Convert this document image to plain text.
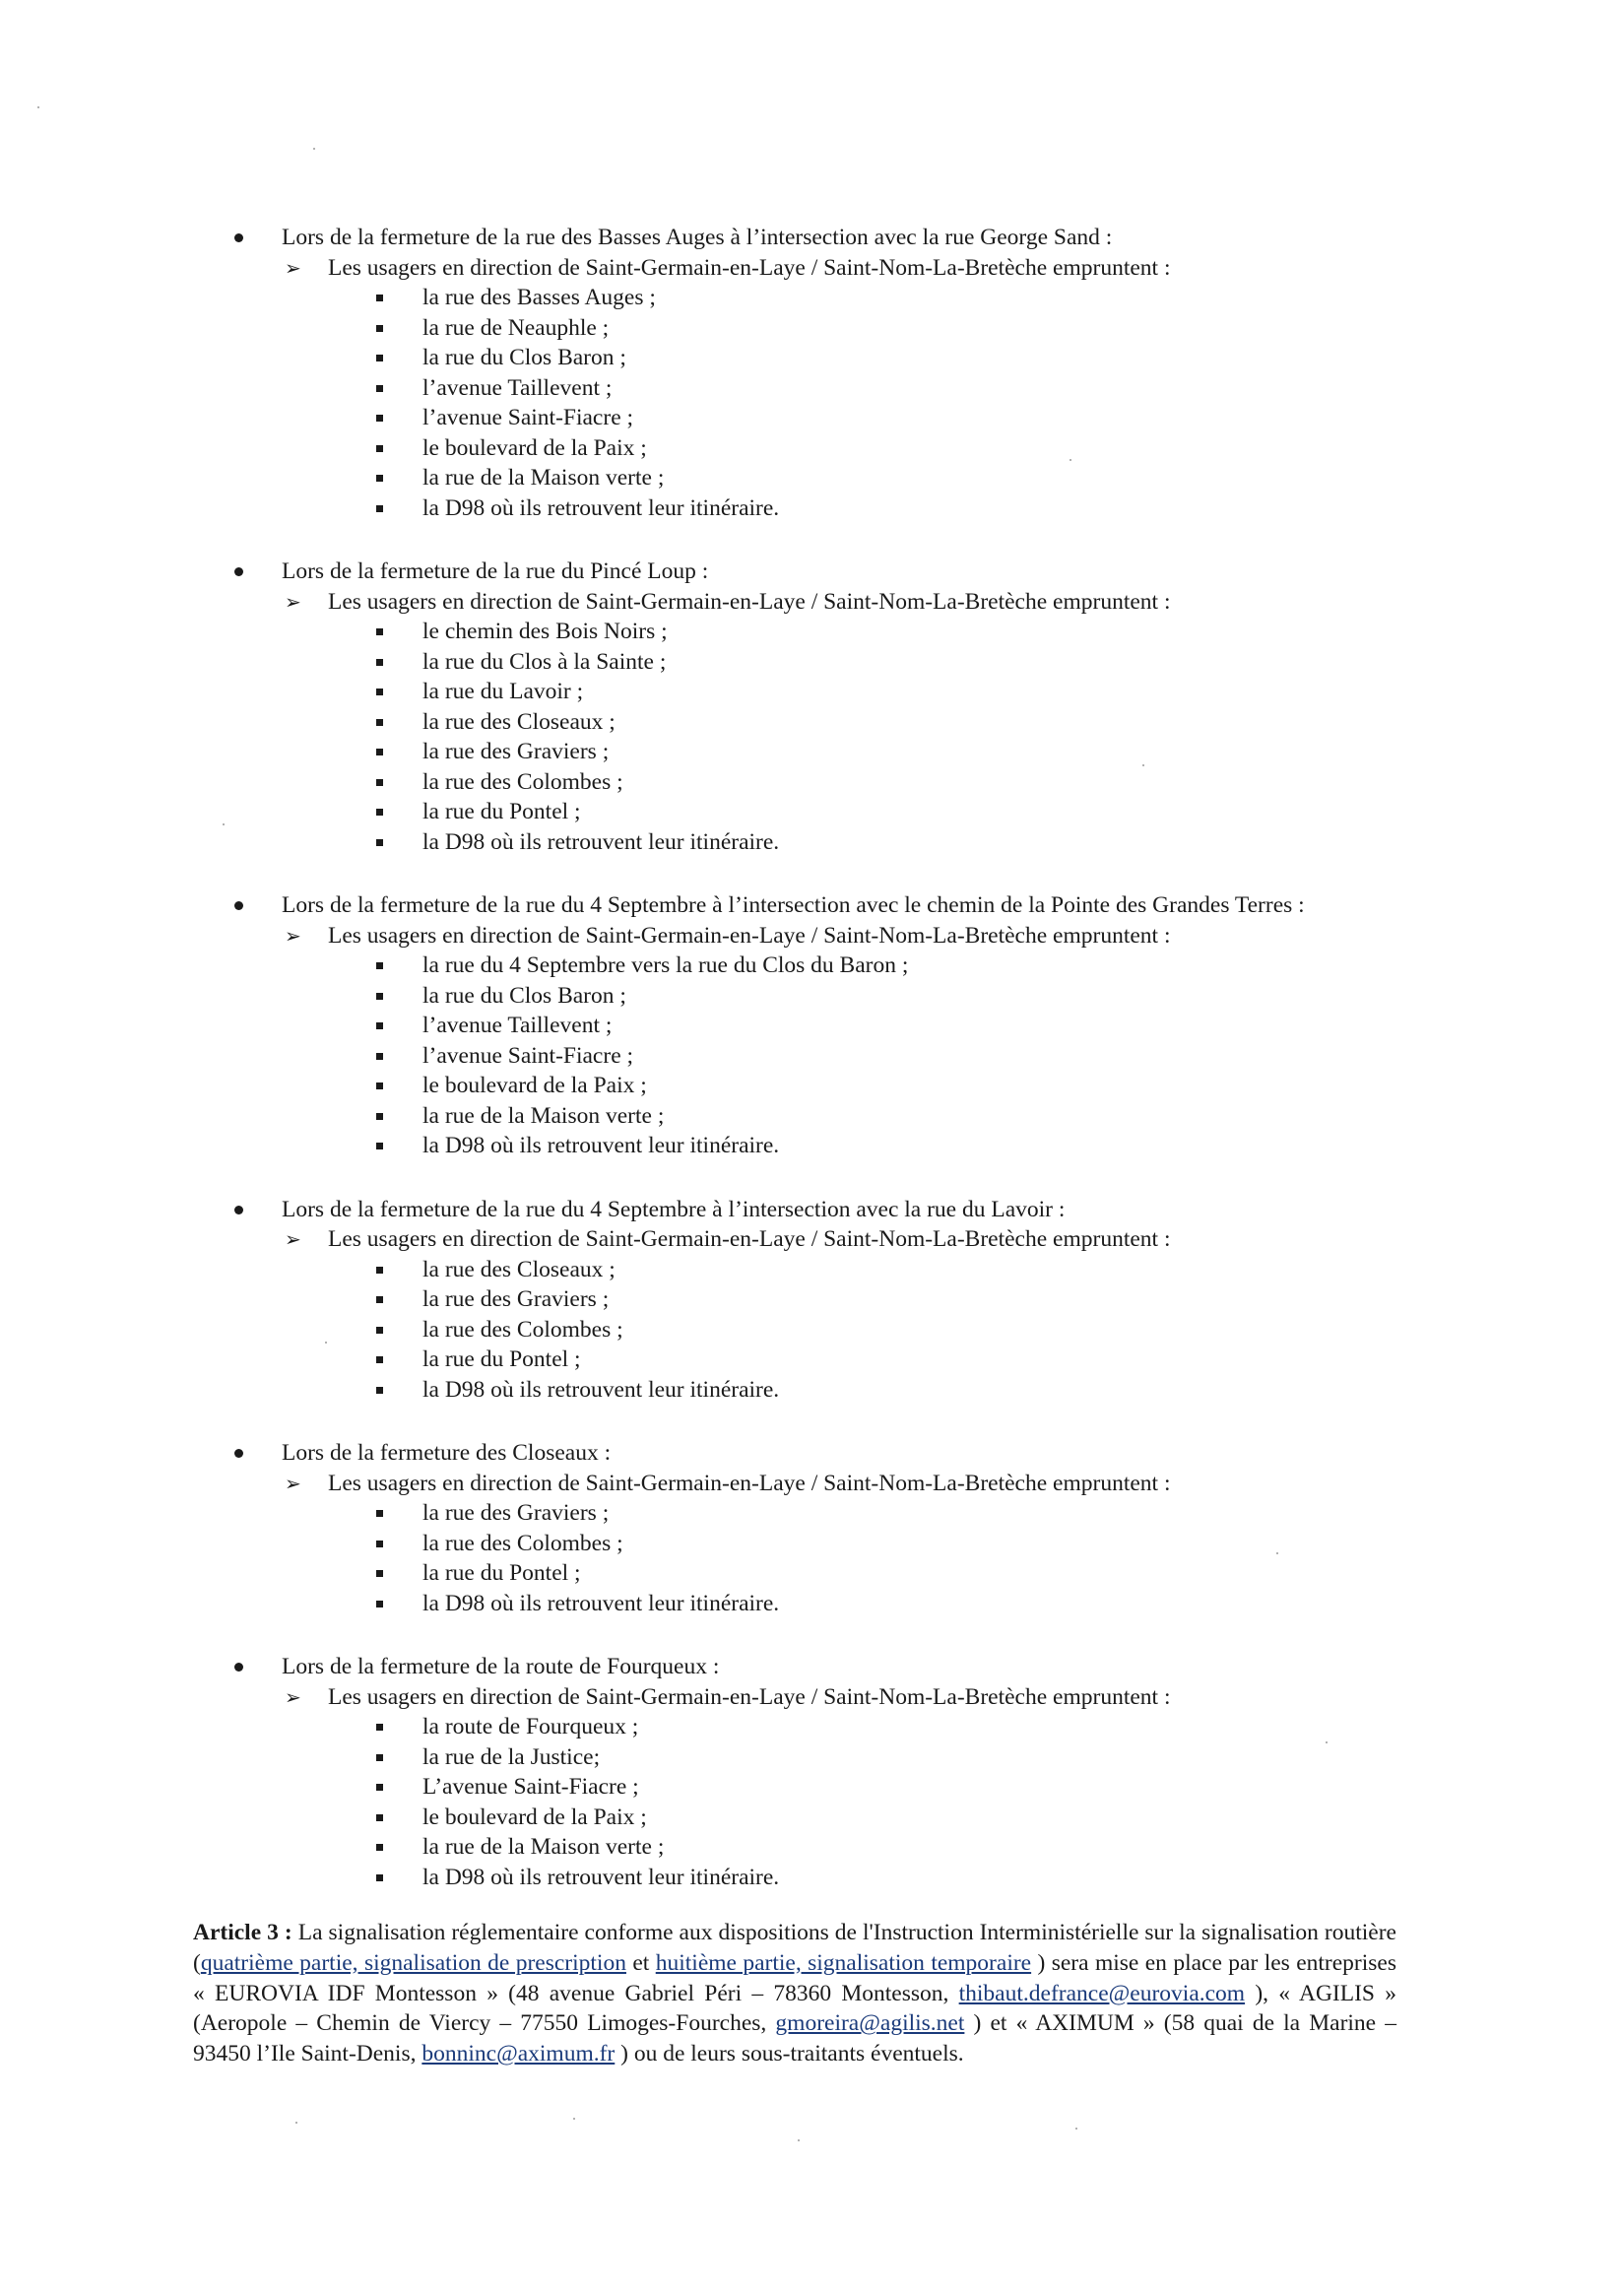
Lors de la fermeture de la rue des Basses Auges à l’intersection avec la rue George Sand :
➢ Les usagers en direction de Saint-Germain-en-Laye / Saint-Nom-La-Bretèche empruntent :
la rue des Basses Auges ;
la rue de Neauphle ;
la rue du Clos Baron ;
l’avenue Taillevent ;
l’avenue Saint-Fiacre ;
le boulevard de la Paix ;
la rue de la Maison verte ;
la D98 où ils retrouvent leur itinéraire.
Lors de la fermeture de la rue du Pincé Loup :
➢ Les usagers en direction de Saint-Germain-en-Laye / Saint-Nom-La-Bretèche empruntent :
le chemin des Bois Noirs ;
la rue du Clos à la Sainte ;
la rue du Lavoir ;
la rue des Closeaux ;
la rue des Graviers ;
la rue des Colombes ;
la rue du Pontel ;
la D98 où ils retrouvent leur itinéraire.
Lors de la fermeture de la rue du 4 Septembre à l’intersection avec le chemin de la Pointe des Grandes Terres :
➢ Les usagers en direction de Saint-Germain-en-Laye / Saint-Nom-La-Bretèche empruntent :
la rue du 4 Septembre vers la rue du Clos du Baron ;
la rue du Clos Baron ;
l’avenue Taillevent ;
l’avenue Saint-Fiacre ;
le boulevard de la Paix ;
la rue de la Maison verte ;
la D98 où ils retrouvent leur itinéraire.
Lors de la fermeture de la rue du 4 Septembre à l’intersection avec la rue du Lavoir :
➢ Les usagers en direction de Saint-Germain-en-Laye / Saint-Nom-La-Bretèche empruntent :
la rue des Closeaux ;
la rue des Graviers ;
la rue des Colombes ;
la rue du Pontel ;
la D98 où ils retrouvent leur itinéraire.
Lors de la fermeture des Closeaux :
➢ Les usagers en direction de Saint-Germain-en-Laye / Saint-Nom-La-Bretèche empruntent :
la rue des Graviers ;
la rue des Colombes ;
la rue du Pontel ;
la D98 où ils retrouvent leur itinéraire.
Lors de la fermeture de la route de Fourqueux :
➢ Les usagers en direction de Saint-Germain-en-Laye / Saint-Nom-La-Bretèche empruntent :
la route de Fourqueux ;
la rue de la Justice;
L’avenue Saint-Fiacre ;
le boulevard de la Paix ;
la rue de la Maison verte ;
la D98 où ils retrouvent leur itinéraire.
Article 3 : La signalisation réglementaire conforme aux dispositions de l'Instruction Interministérielle sur la signalisation routière (quatrième partie, signalisation de prescription et huitième partie, signalisation temporaire ) sera mise en place par les entreprises « EUROVIA IDF Montesson » (48 avenue Gabriel Péri – 78360 Montesson, thibaut.defrance@eurovia.com ), « AGILIS » (Aeropole – Chemin de Viercy – 77550 Limoges-Fourches, gmoreira@agilis.net ) et « AXIMUM » (58 quai de la Marine – 93450 l’Ile Saint-Denis, bonninc@aximum.fr ) ou de leurs sous-traitants éventuels.
